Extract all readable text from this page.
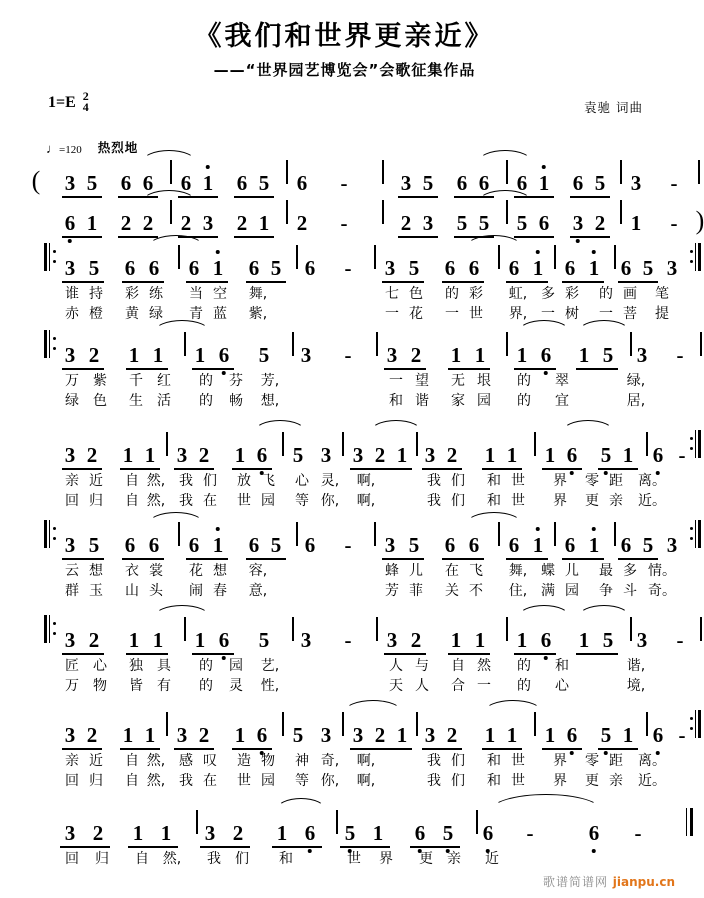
《我们和世界更亲近》
——“世界园艺博览会”会歌征集作品
1=E 2
4	袁驰 词曲
♩=120 热烈地
( 3 5 6 6 6 1 6 5 6 -	3 5 6 6 6 1 6 5 3 -
6 1 2 2 2 3 2 1 2 -	2 3 5 5 5 6 3 2 1 - )
3 5 6 6 6 1 6 5 6 - 3 5 6 6 6 1 6 1 6 5 3
谁 持 彩 练 当 空 舞,	七 色 的 彩 虹, 多 彩 的 画 笔
赤 橙 黄 绿 青 蓝 紫,	一 花 一 世 界, 一 树 一 菩 提
3 2 1 1 1 6 5 3 - 3 2 1 1 1 6 1 5 3 -
万 紫 千 红 的 芬 芳,	一 望 无 垠 的 翠	绿,
绿 色 生 活 的 畅 想,	和 谐 家 园 的 宜	居,
3 2 1 1 3 2 1 6 5 3 3 2 1 3 2 1 1 1 6 5 1 6 -
亲 近 自 然, 我 们 放 飞 心 灵, 啊,	我 们 和 世 界 零 距 离。
回 归 自 然, 我 在 世 园 等 你, 啊,	我 们 和 世 界 更 亲 近。
3 5 6 6 6 1 6 5 6 - 3 5 6 6 6 1 6 1 6 5 3
云 想 衣 裳 花 想 容,	蜂 儿 在 飞 舞, 蝶 儿 最 多 情。
群 玉 山 头 闹 春 意,	芳 菲 关 不 住, 满 园 争 斗 奇。
3 2 1 1 1 6 5 3 - 3 2 1 1 1 6 1 5 3 -
匠 心 独 具 的 园 艺,	人 与 自 然 的 和	谐,
万 物 皆 有 的 灵 性,	天 人 合 一 的 心	境,
3 2 1 1 3 2 1 6 5 3 3 2 1 3 2 1 1 1 6 5 1 6 -
亲 近 自 然, 感 叹 造 物 神 奇, 啊,	我 们 和 世 界 零 距 离。
回 归 自 然, 我 在 世 园 等 你, 啊,	我 们 和 世 界 更 亲 近。
3 2 1 1 3 2 1 6 5 1 6 5 6 -	6 -
回 归 自 然, 我 们 和	世 界 更 亲 近
歌谱简谱网 jianpu.cn
